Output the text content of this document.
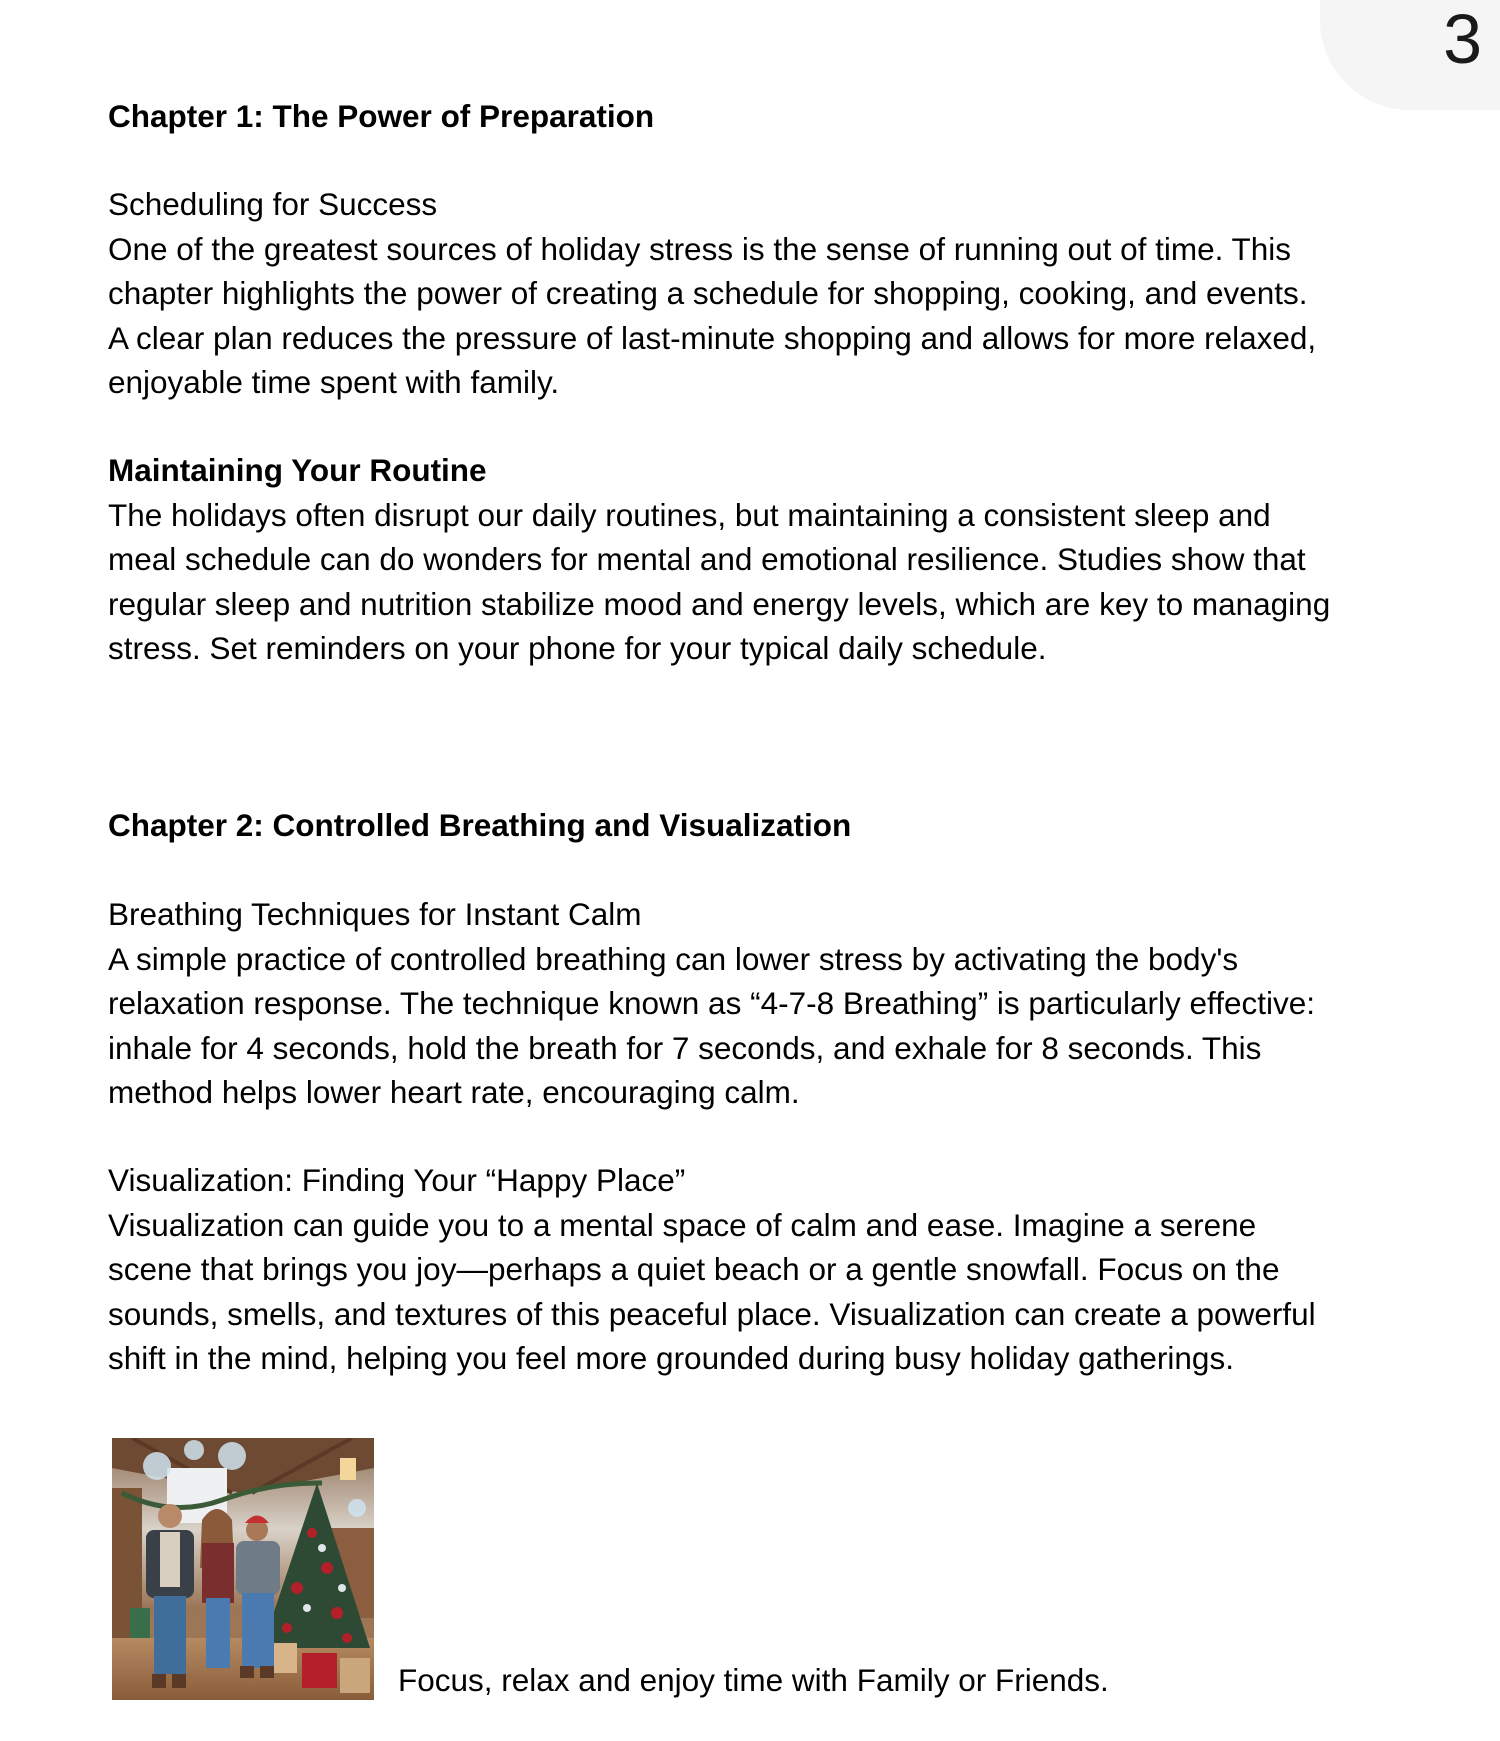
3
Chapter 1: The Power of Preparation
Scheduling for Success
One of the greatest sources of holiday stress is the sense of running out of time. This
chapter highlights the power of creating a schedule for shopping, cooking, and events.
A clear plan reduces the pressure of last-minute shopping and allows for more relaxed,
enjoyable time spent with family.
Maintaining Your Routine
The holidays often disrupt our daily routines, but maintaining a consistent sleep and
meal schedule can do wonders for mental and emotional resilience. Studies show that
regular sleep and nutrition stabilize mood and energy levels, which are key to managing
stress. Set reminders on your phone for your typical daily schedule.
Chapter 2: Controlled Breathing and Visualization
Breathing Techniques for Instant Calm
A simple practice of controlled breathing can lower stress by activating the body's
relaxation response. The technique known as “4-7-8 Breathing” is particularly effective:
inhale for 4 seconds, hold the breath for 7 seconds, and exhale for 8 seconds. This
method helps lower heart rate, encouraging calm.
Visualization: Finding Your “Happy Place”
Visualization can guide you to a mental space of calm and ease. Imagine a serene
scene that brings you joy—perhaps a quiet beach or a gentle snowfall. Focus on the
sounds, smells, and textures of this peaceful place. Visualization can create a powerful
shift in the mind, helping you feel more grounded during busy holiday gatherings.
Focus, relax and enjoy time with Family or Friends.
